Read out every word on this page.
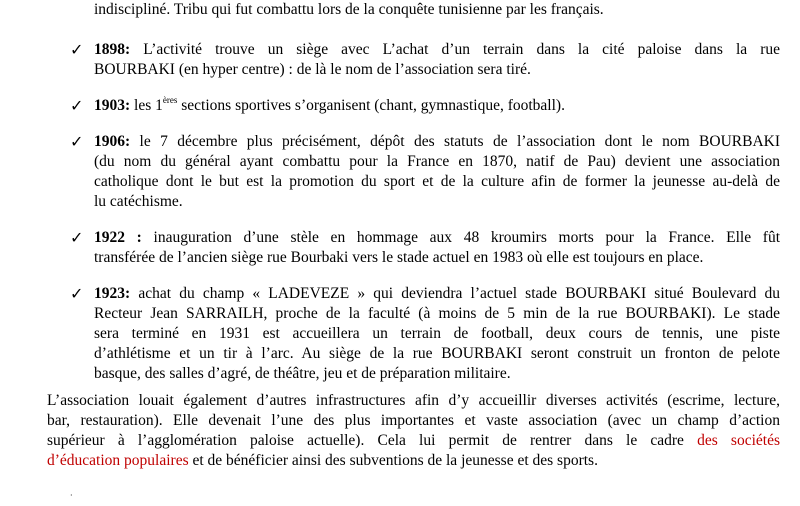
indiscipliné. Tribu qui fut combattu lors de la conquête tunisienne par les français.
✓ 1898: L’activité trouve un siège avec L’achat d’un terrain dans la cité paloise dans la rue
BOURBAKI (en hyper centre) : de là le nom de l’association sera tiré.
✓ 1903: les 1ères sections sportives s’organisent (chant, gymnastique, football).
✓ 1906: le 7 décembre plus précisément, dépôt des statuts de l’association dont le nom BOURBAKI
(du nom du général ayant combattu pour la France en 1870, natif de Pau) devient une association
catholique dont le but est la promotion du sport et de la culture afin de former la jeunesse au-delà de
lu catéchisme.
✓ 1922 : inauguration d’une stèle en hommage aux 48 kroumirs morts pour la France. Elle fût
transférée de l’ancien siège rue Bourbaki vers le stade actuel en 1983 où elle est toujours en place.
✓ 1923: achat du champ « LADEVEZE » qui deviendra l’actuel stade BOURBAKI situé Boulevard du
Recteur Jean SARRAILH, proche de la faculté (à moins de 5 min de la rue BOURBAKI). Le stade
sera terminé en 1931 est accueillera un terrain de football, deux cours de tennis, une piste
d’athlétisme et un tir à l’arc. Au siège de la rue BOURBAKI seront construit un fronton de pelote
basque, des salles d’agré, de théâtre, jeu et de préparation militaire.
L’association louait également d’autres infrastructures afin d’y accueillir diverses activités (escrime, lecture,
bar, restauration). Elle devenait l’une des plus importantes et vaste association (avec un champ d’action
supérieur à l’agglomération paloise actuelle). Cela lui permit de rentrer dans le cadre des sociétés
d’éducation populaires et de bénéficier ainsi des subventions de la jeunesse et des sports.
·
